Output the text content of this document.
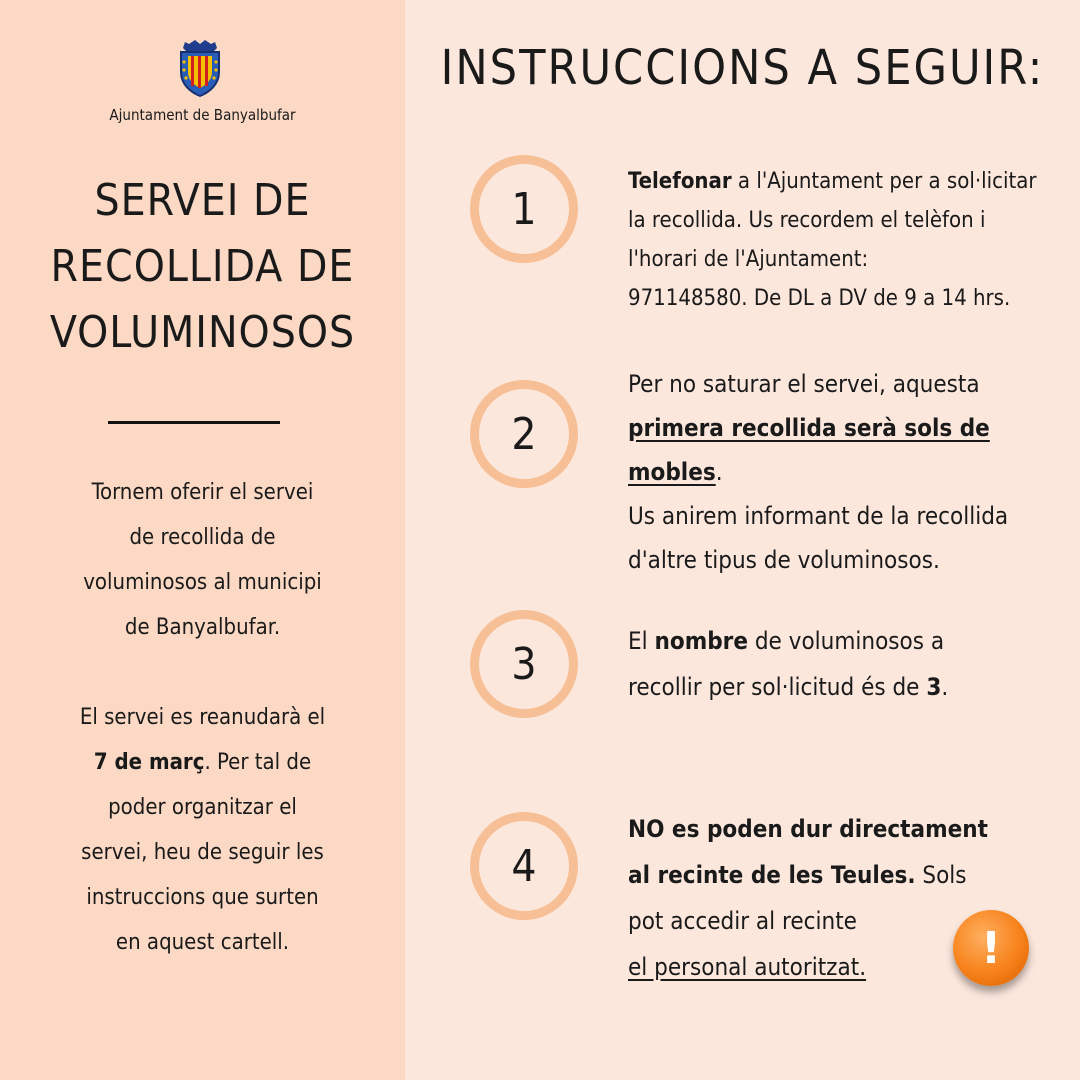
Ajuntament de Banyalbufar
SERVEI DE
RECOLLIDA DE
VOLUMINOSOS

Tornem oferir el servei

de recollida de

voluminosos al municipi

de Banyalbufar.

El servei es reanudarà el

7 de març. Per tal de

poder organitzar el

servei, heu de seguir les

instruccions que surten

en aquest cartell.

INSTRUCCIONS A SEGUIR:
1
Telefonar a l'Ajuntament per a sol·licitar
la recollida. Us recordem el telèfon i
l'horari de l'Ajuntament:
971148580. De DL a DV de 9 a 14 hrs.
2
Per no saturar el servei, aquesta
primera recollida serà sols de
mobles.
Us anirem informant de la recollida
d'altre tipus de voluminosos.
3	El nombre de voluminosos a
recollir per sol·licitud és de 3.
4
NO es poden dur directament
al recinte de les Teules. Sols
pot accedir al recinte
el personal autoritzat.	!
